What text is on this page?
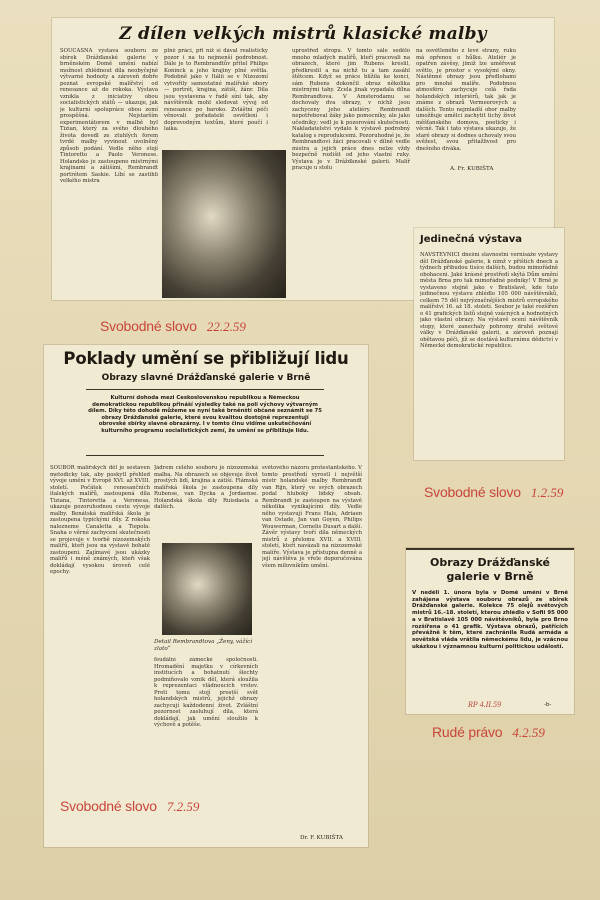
Z dílen velkých mistrů klasické malby
SOUČASNÁ výstava souboru ze sbírek Drážďanské galerie v brněnském Domě umění nabízí možnost zhlédnout díla neobyčejné výtvarné hodnoty a zároveň dobře poznat evropské malířství od renesance až do rokoka. Výstava vznikla z iniciativy obou socialistických států — ukazuje, jak je kulturní spolupráce obou zemí prospěšná. Nejstarším experimentátorem v malbě byl Tizian, který za svého dlouhého života dovedl ze ztuhlých forem tvrdé malby vyvinout uvolněný způsob podání. Vedle něho stojí Tintoretto a Paolo Veronese. Holandsko je zastoupeno mistrnými krajinami a zátišími, Rembrandt portrétem Saskie. Líbí se zastihli velkého mistra
plně práci, při níž si dával realisticky pozor i na tu nejmenší podrobnost. Dále je to Rembrandtův přítel Philips Koninck a jeho krajiny plné světla. Podobně jako v Itálii se v Nizozemí vytvořily samostatné malířské obory — portrét, krajina, zátiší, žánr. Díla jsou vystavena v řadě síní tak, aby návštěvník mohl sledovat vývoj od renesance po baroko. Zvláštní péči věnovali pořadatelé osvětlení i doprovodným textům, které poučí i laika.
uprostřed stropu. V tomto sále sedělo mnoho mladých malířů, kteří pracovali na obrazech, které jim Rubens kreslil, předkreslil a na nichž tu a tam zasáhl štětcem. Když se práce blížila ke konci, sám Rubens dokončil obraz několika mistrnými tahy. Zcela jinak vypadala dílna Rembrandtova. V Amsterodamu se dochovaly dva obrazy, v nichž jsou zachyceny jeho ateliéry. Rembrandt nepotřeboval žáky jako pomocníky, ale jako učedníky; vedl je k pozorování skutečnosti. Nakladatelství vydalo k výstavě podrobný katalog s reprodukcemi. Pozoruhodné je, že Rembrandtovi žáci pracovali v dílně vedle mistra a jejich práce dnes nelze vždy bezpečně rozlišit od jeho vlastní ruky. Výstava je v Drážďanské galerii. Malíř pracuje u stolu
na osvětleného z levé strany, ruku má opřenou o hůlku. Ateliér je opatřen závěsy, jimiž lze uměřovat světlo, je prostor s vysokými okny. Nástěnné obrazy jsou předlohami pro mnohé malíře. Podobnou atmosféru zachycuje celá řada holandských interiérů, tak jak je známe z obrazů Vermeerových a dalších. Tento nejmladší obor malby umožňuje umělci zachytit tichý život měšťanského domova, poeticky i věcně. Tak i tato výstava ukazuje, že staré obrazy si dodnes uchovaly svou svěžest, svou přitažlivost pro dnešního diváka.
A. Fr. KUBIŠTA
Svobodné slovo 22.2.59
Poklady umění se přibližují lidu
Obrazy slavné Drážďanské galerie v Brně
Kulturní dohoda mezi Československou republikou a Německou demokratickou republikou přináší výsledky také na poli výchovy výtvarným dílem. Díky této dohodě můžeme se nyní také brněnští občané seznámit se 75 obrazy Drážďanské galerie, které svou kvalitou dostojně reprezentují obrovské sbírky slavné obrazárny. I v tomto činu vidíme uskutečňování kulturního programu socialistických zemí, že umění se přibližuje lidu.
SOUBOR malířských děl je sestaven metodicky tak, aby poskytl přehled vývoje umění v Evropě XVI. až XVIII. století. Počátek renesančních italských malířů, zastoupená díla Tiziana, Tintoretta a Veronesa, ukazuje pozoruhodnou cestu vývoje malby. Benátská malířská škola je zastoupena typickými díly. Z rokoka nalezneme Canaletta a Tiepola. Snaha o věrné zachycení skutečnosti se projevuje v tvorbě nizozemských malířů, kteří jsou na výstavě bohatě zastoupeni. Zajímavé jsou ukázky malířů i méně známých, kteří však dokládají vysokou úroveň celé epochy.
Jádrem celého souboru je nizozemská malba. Na obrazech se objevuje život prostých lidí, krajina a zátiší. Flámská malířská škola je zastoupena díly Rubense, van Dycka a Jordaense. Holandská škola díly Ruisdaela a dalších.
Detail Rembrandtova „Ženy, vážící zlato“
feudální zámecké společnosti. Hromadění majetku v církevních institucích a bohatnutí šlechty podmiňovalo vznik děl, která sloužila k reprezentaci vládnoucích vrstev. Proti tomu stojí prostší svět holandských mistrů, jejichž obrazy zachycují každodenní život. Zvláštní pozornost zasluhují díla, která dokládají, jak umění sloužilo k výchově a potěše.
světového názoru protestantského. V tomto prostředí vyrostl i největší mistr holandské malby Rembrandt van Rijn, který ve svých obrazech podal hluboký lidský obsah. Rembrandt je zastoupen na výstavě několika vynikajícími díly. Vedle něho vystavují Frans Hals, Adriaen van Ostade, Jan van Goyen, Philips Wouwerman, Cornelis Dusart a další. Závěr výstavy tvoří díla německých mistrů z přelomu XVII. a XVIII. století, kteří navázali na nizozemské malíře. Výstava je přístupna denně a její návštěva je vřele doporučována všem milovníkům umění.
Dr. F. KUBIŠTA
Svobodné slovo 7.2.59
Jedinečná výstava
NÁVŠTĚVNÍCI dnešní slavnostní vernisáže výstavy děl Drážďanské galerie, k nimž v přištích dnech a týdnech přibudou tisíce dalších, budou mimořádně obohaceni. Jaké krásné prostředí skýtá Dům umění města Brna pro tak mimořádné podniky! V Brně je vystaveno stejně jako v Bratislavě, kde tuto jedinečnou výstavu zhlédlo 105 000 návštěvníků, celkem 75 děl nejvýznačnějších mistrů evropského malířství 16. až 18. století. Soubor je také rozšířen o 41 grafických listů stejně vzácných a hodnotných jako vlastní obrazy. Na výstavě ocení návštěvník stopy, které zanechaly pohromy druhé světové války v Drážďanské galerii, a zároveň poznají obětavou péči, jíž se dostává kulturnímu dědictví v Německé demokratické republice.
Svobodné slovo 1.2.59
Obrazy Drážďanské galerie v Brně
V neděli 1. února byla v Domě umění v Brně zahájena výstava souboru obrazů ze sbírek Drážďanské galerie. Kolekce 75 olejů světových mistrů 16.–18. století, kterou zhlédlo v Sofii 95 000 a v Bratislavě 105 000 návštěvníků, byla pro Brno rozšířena o 41 grafik. Výstava obrazů, patřících převážně k těm, které zachránila Rudá armáda a sovětská vláda vrátila německému lidu, je vzácnou ukázkou i významnou kulturní politickou událostí.
RP 4.II.59	-b-
Rudé právo 4.2.59
